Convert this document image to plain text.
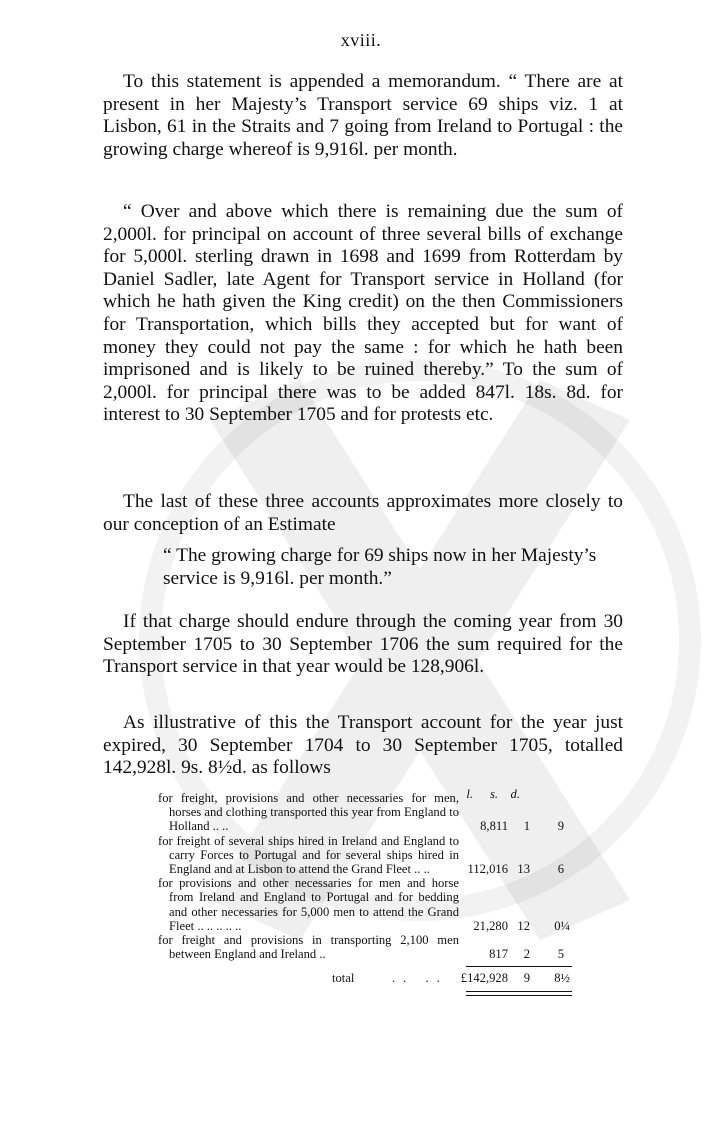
xviii.

To this statement is appended a memorandum. “ There are at present in her Majesty’s Transport service 69 ships viz. 1 at Lisbon, 61 in the Straits and 7 going from Ireland to Portugal : the growing charge whereof is 9,916l. per month.

“ Over and above which there is remaining due the sum of 2,000l. for principal on account of three several bills of exchange for 5,000l. sterling drawn in 1698 and 1699 from Rotterdam by Daniel Sadler, late Agent for Transport service in Holland (for which he hath given the King credit) on the then Commissioners for Transportation, which bills they accepted but for want of money they could not pay the same : for which he hath been imprisoned and is likely to be ruined thereby.” To the sum of 2,000l. for principal there was to be added 847l. 18s. 8d. for interest to 30 September 1705 and for protests etc.

The last of these three accounts approximates more closely to our conception of an Estimate

“ The growing charge for 69 ships now in her Majesty’s service is 9,916l. per month.”

If that charge should endure through the coming year from 30 September 1705 to 30 September 1706 the sum required for the Transport service in that year would be 128,906l.

As illustrative of this the Transport account for the year just expired, 30 September 1704 to 30 September 1705, totalled 142,928l. 9s. 8½d. as follows

l. s. d.
for freight, provisions and other necessaries for men, horses and clothing transported this year from England to Holland .. ..	8,811 1 9
for freight of several ships hired in Ireland and England to carry Forces to Portugal and for several ships hired in England and at Lisbon to attend the Grand Fleet .. ..	112,016 13 6
for provisions and other necessaries for men and horse from Ireland and England to Portugal and for bedding and other necessaries for 5,000 men to attend the Grand Fleet .. .. .. .. ..	21,280 12 0¼
for freight and provisions in transporting 2,100 men between England and Ireland ..	817 2 5
total	.. .. £142,928 9 8½
